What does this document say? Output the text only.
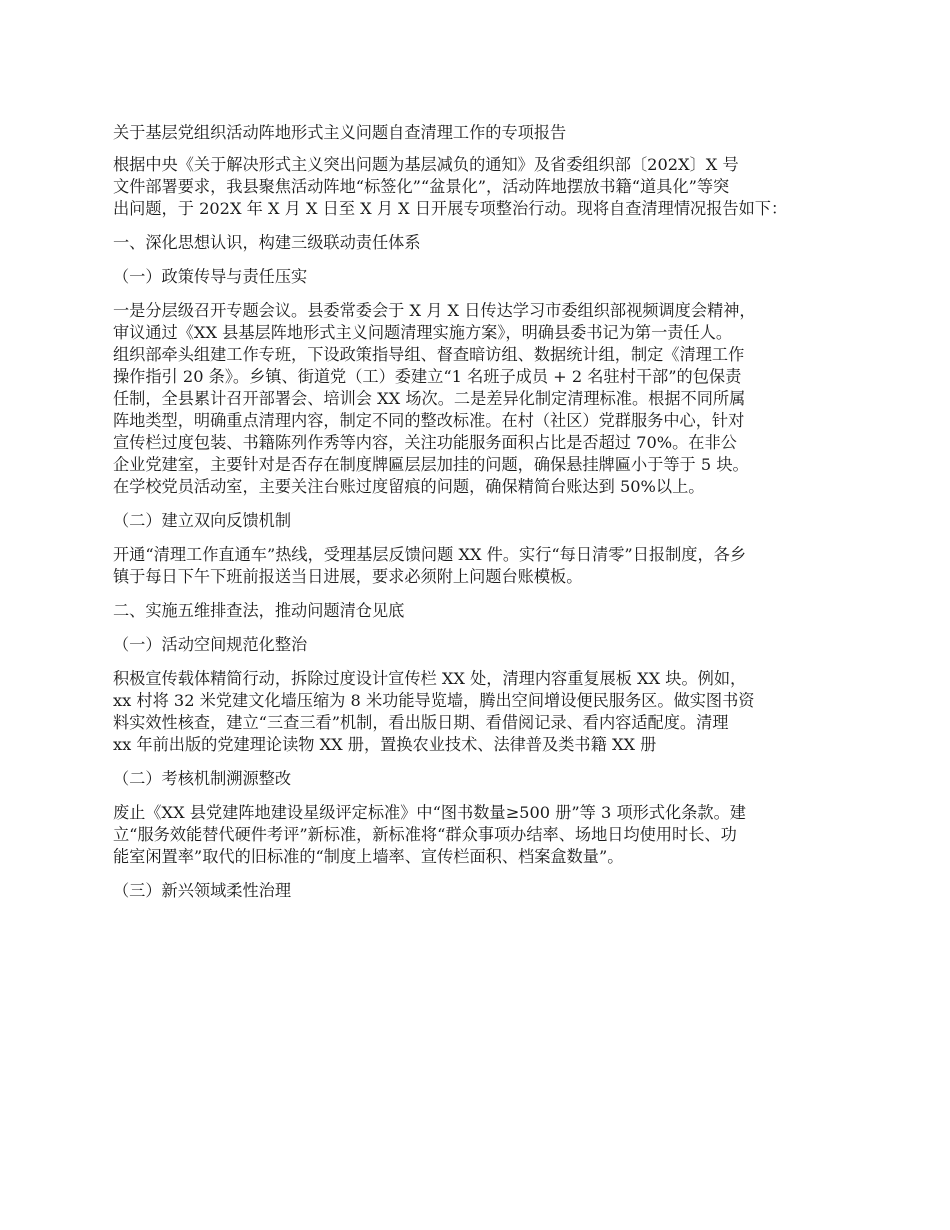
关于基层党组织活动阵地形式主义问题自查清理工作的专项报告
根据中央《关于解决形式主义突出问题为基层减负的通知》及省委组织部〔202X〕X 号
文件部署要求，我县聚焦活动阵地“标签化”“盆景化”，活动阵地摆放书籍“道具化”等突
出问题，于 202X 年 X 月 X 日至 X 月 X 日开展专项整治行动。现将自查清理情况报告如下：
一、深化思想认识，构建三级联动责任体系
（一）政策传导与责任压实
一是分层级召开专题会议。县委常委会于 X 月 X 日传达学习市委组织部视频调度会精神，
审议通过《XX 县基层阵地形式主义问题清理实施方案》，明确县委书记为第一责任人。
组织部牵头组建工作专班，下设政策指导组、督查暗访组、数据统计组，制定《清理工作
操作指引 20 条》。乡镇、街道党（工）委建立“1 名班子成员 + 2 名驻村干部”的包保责
任制，全县累计召开部署会、培训会 XX 场次。二是差异化制定清理标准。根据不同所属
阵地类型，明确重点清理内容，制定不同的整改标准。在村（社区）党群服务中心，针对
宣传栏过度包装、书籍陈列作秀等内容，关注功能服务面积占比是否超过 70%。在非公
企业党建室，主要针对是否存在制度牌匾层层加挂的问题，确保悬挂牌匾小于等于 5 块。
在学校党员活动室，主要关注台账过度留痕的问题，确保精简台账达到 50%以上。
（二）建立双向反馈机制
开通“清理工作直通车”热线，受理基层反馈问题 XX 件。实行“每日清零”日报制度，各乡
镇于每日下午下班前报送当日进展，要求必须附上问题台账模板。
二、实施五维排查法，推动问题清仓见底
（一）活动空间规范化整治
积极宣传载体精简行动，拆除过度设计宣传栏 XX 处，清理内容重复展板 XX 块。例如，
xx 村将 32 米党建文化墙压缩为 8 米功能导览墙，腾出空间增设便民服务区。做实图书资
料实效性核查，建立“三查三看”机制，看出版日期、看借阅记录、看内容适配度。清理
xx 年前出版的党建理论读物 XX 册，置换农业技术、法律普及类书籍 XX 册
（二）考核机制溯源整改
废止《XX 县党建阵地建设星级评定标准》中“图书数量≥500 册”等 3 项形式化条款。建
立“服务效能替代硬件考评”新标准，新标准将“群众事项办结率、场地日均使用时长、功
能室闲置率”取代的旧标准的“制度上墙率、宣传栏面积、档案盒数量”。
（三）新兴领域柔性治理
